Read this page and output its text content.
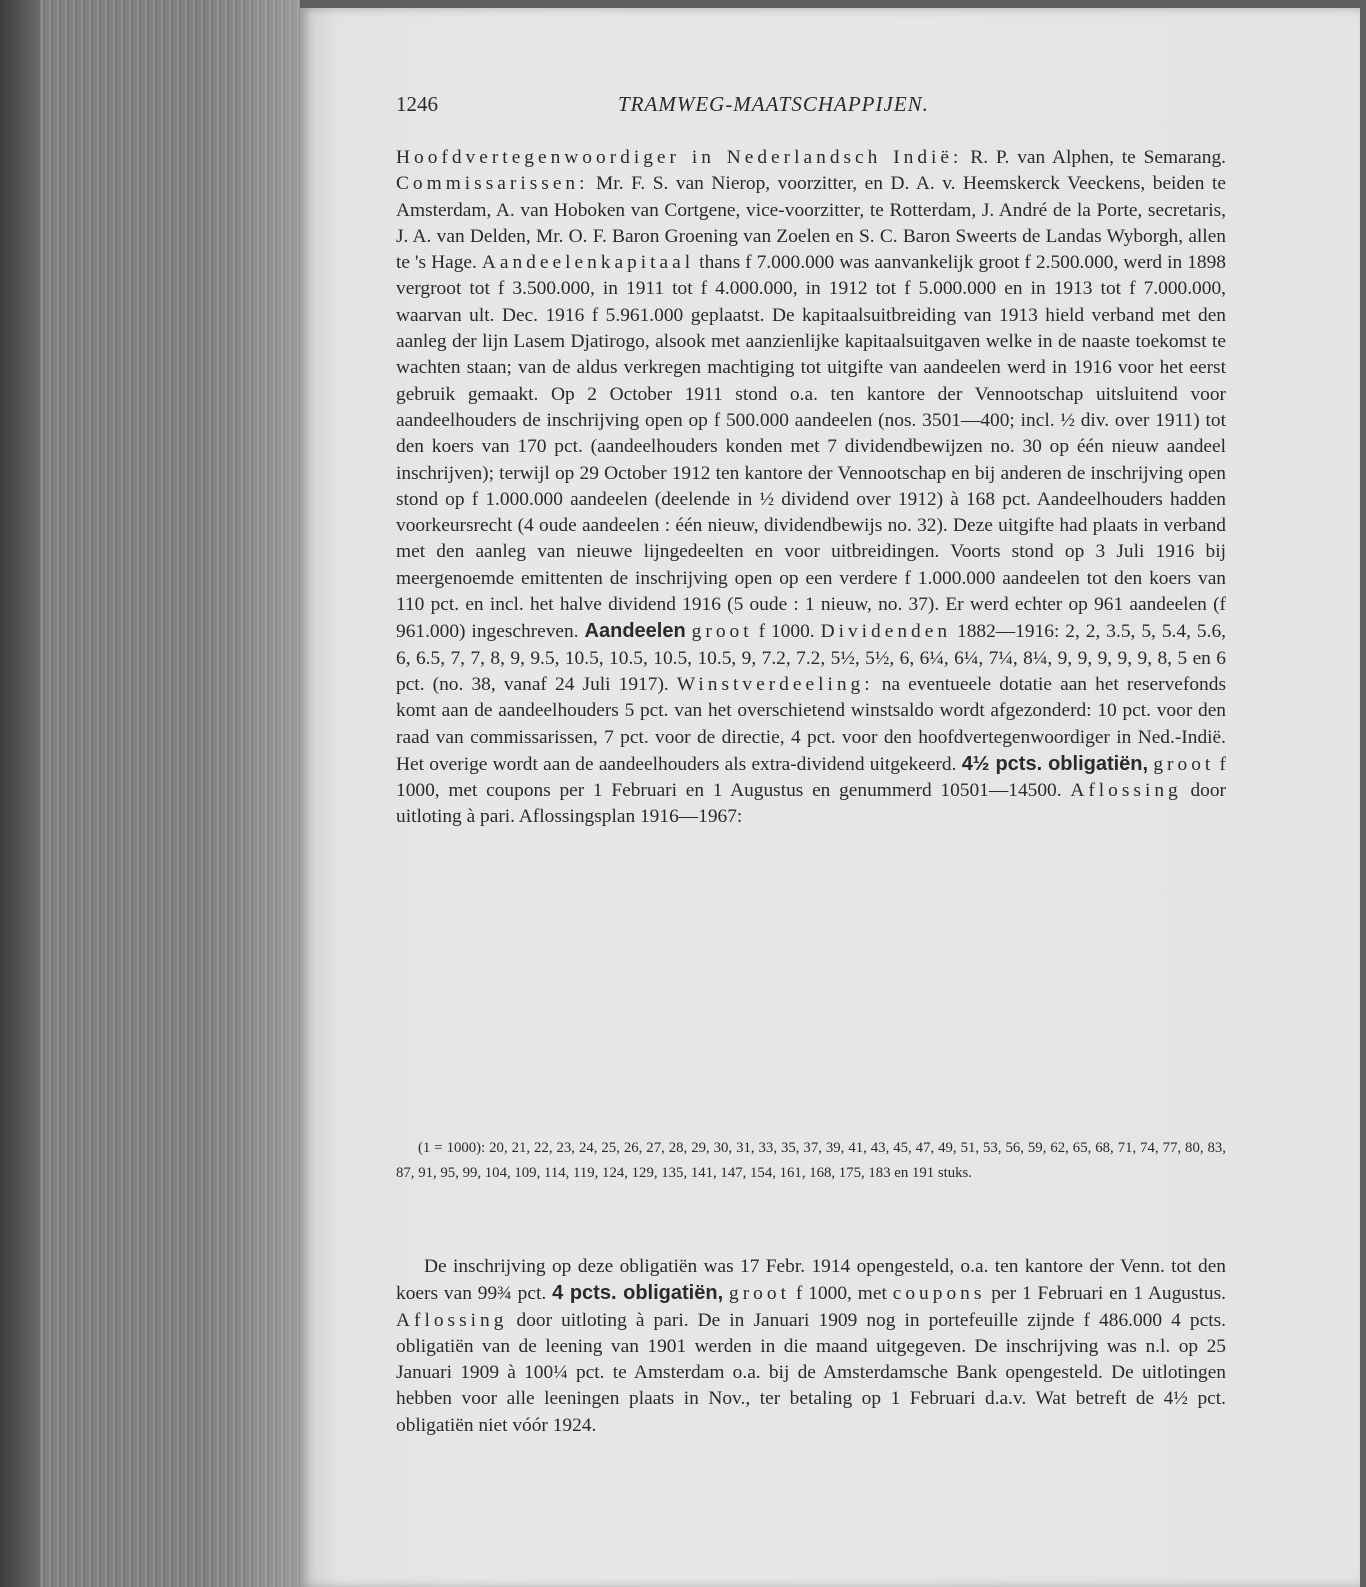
1246	TRAMWEG-MAATSCHAPPIJEN.

Hoofdvertegenwoordiger in Nederlandsch Indië: R. P. van Alphen, te Semarang. Commissarissen: Mr. F. S. van Nierop, voorzitter, en D. A. v. Heemskerck Veeckens, beiden te Amsterdam, A. van Hoboken van Cortgene, vice-voorzitter, te Rotterdam, J. André de la Porte, secretaris, J. A. van Delden, Mr. O. F. Baron Groening van Zoelen en S. C. Baron Sweerts de Landas Wyborgh, allen te 's Hage. Aandeelenkapitaal thans f 7.000.000 was aanvankelijk groot f 2.500.000, werd in 1898 vergroot tot f 3.500.000, in 1911 tot f 4.000.000, in 1912 tot f 5.000.000 en in 1913 tot f 7.000.000, waarvan ult. Dec. 1916 f 5.961.000 geplaatst. De kapitaalsuitbreiding van 1913 hield verband met den aanleg der lijn Lasem Djatirogo, alsook met aanzienlijke kapitaalsuitgaven welke in de naaste toekomst te wachten staan; van de aldus verkregen machtiging tot uitgifte van aandeelen werd in 1916 voor het eerst gebruik gemaakt. Op 2 October 1911 stond o.a. ten kantore der Vennootschap uitsluitend voor aandeelhouders de inschrijving open op f 500.000 aandeelen (nos. 3501—400; incl. ½ div. over 1911) tot den koers van 170 pct. (aandeelhouders konden met 7 dividendbewijzen no. 30 op één nieuw aandeel inschrijven); terwijl op 29 October 1912 ten kantore der Vennootschap en bij anderen de inschrijving open stond op f 1.000.000 aandeelen (deelende in ½ dividend over 1912) à 168 pct. Aandeelhouders hadden voorkeursrecht (4 oude aandeelen : één nieuw, dividendbewijs no. 32). Deze uitgifte had plaats in verband met den aanleg van nieuwe lijngedeelten en voor uitbreidingen. Voorts stond op 3 Juli 1916 bij meergenoemde emittenten de inschrijving open op een verdere f 1.000.000 aandeelen tot den koers van 110 pct. en incl. het halve dividend 1916 (5 oude : 1 nieuw, no. 37). Er werd echter op 961 aandeelen (f 961.000) ingeschreven. Aandeelen groot f 1000. Dividenden 1882—1916: 2, 2, 3.5, 5, 5.4, 5.6, 6, 6.5, 7, 7, 8, 9, 9.5, 10.5, 10.5, 10.5, 10.5, 9, 7.2, 7.2, 5½, 5½, 6, 6¼, 6¼, 7¼, 8¼, 9, 9, 9, 9, 9, 8, 5 en 6 pct. (no. 38, vanaf 24 Juli 1917). Winstverdeeling: na eventueele dotatie aan het reservefonds komt aan de aandeelhouders 5 pct. van het overschietend winstsaldo wordt afgezonderd: 10 pct. voor den raad van commissarissen, 7 pct. voor de directie, 4 pct. voor den hoofdvertegenwoordiger in Ned.-Indië. Het overige wordt aan de aandeelhouders als extra-dividend uitgekeerd. 4½ pcts. obligatiën, groot f 1000, met coupons per 1 Februari en 1 Augustus en genummerd 10501—14500. Aflossing door uitloting à pari. Aflossingsplan 1916—1967:

(1 = 1000): 20, 21, 22, 23, 24, 25, 26, 27, 28, 29, 30, 31, 33, 35, 37, 39, 41, 43, 45, 47, 49, 51, 53, 56, 59, 62, 65, 68, 71, 74, 77, 80, 83, 87, 91, 95, 99, 104, 109, 114, 119, 124, 129, 135, 141, 147, 154, 161, 168, 175, 183 en 191 stuks.

De inschrijving op deze obligatiën was 17 Febr. 1914 opengesteld, o.a. ten kantore der Venn. tot den koers van 99¾ pct. 4 pcts. obligatiën, groot f 1000, met coupons per 1 Februari en 1 Augustus. Aflossing door uitloting à pari. De in Januari 1909 nog in portefeuille zijnde f 486.000 4 pcts. obligatiën van de leening van 1901 werden in die maand uitgegeven. De inschrijving was n.l. op 25 Januari 1909 à 100¼ pct. te Amsterdam o.a. bij de Amsterdamsche Bank opengesteld. De uitlotingen hebben voor alle leeningen plaats in Nov., ter betaling op 1 Februari d.a.v. Wat betreft de 4½ pct. obligatiën niet vóór 1924.
